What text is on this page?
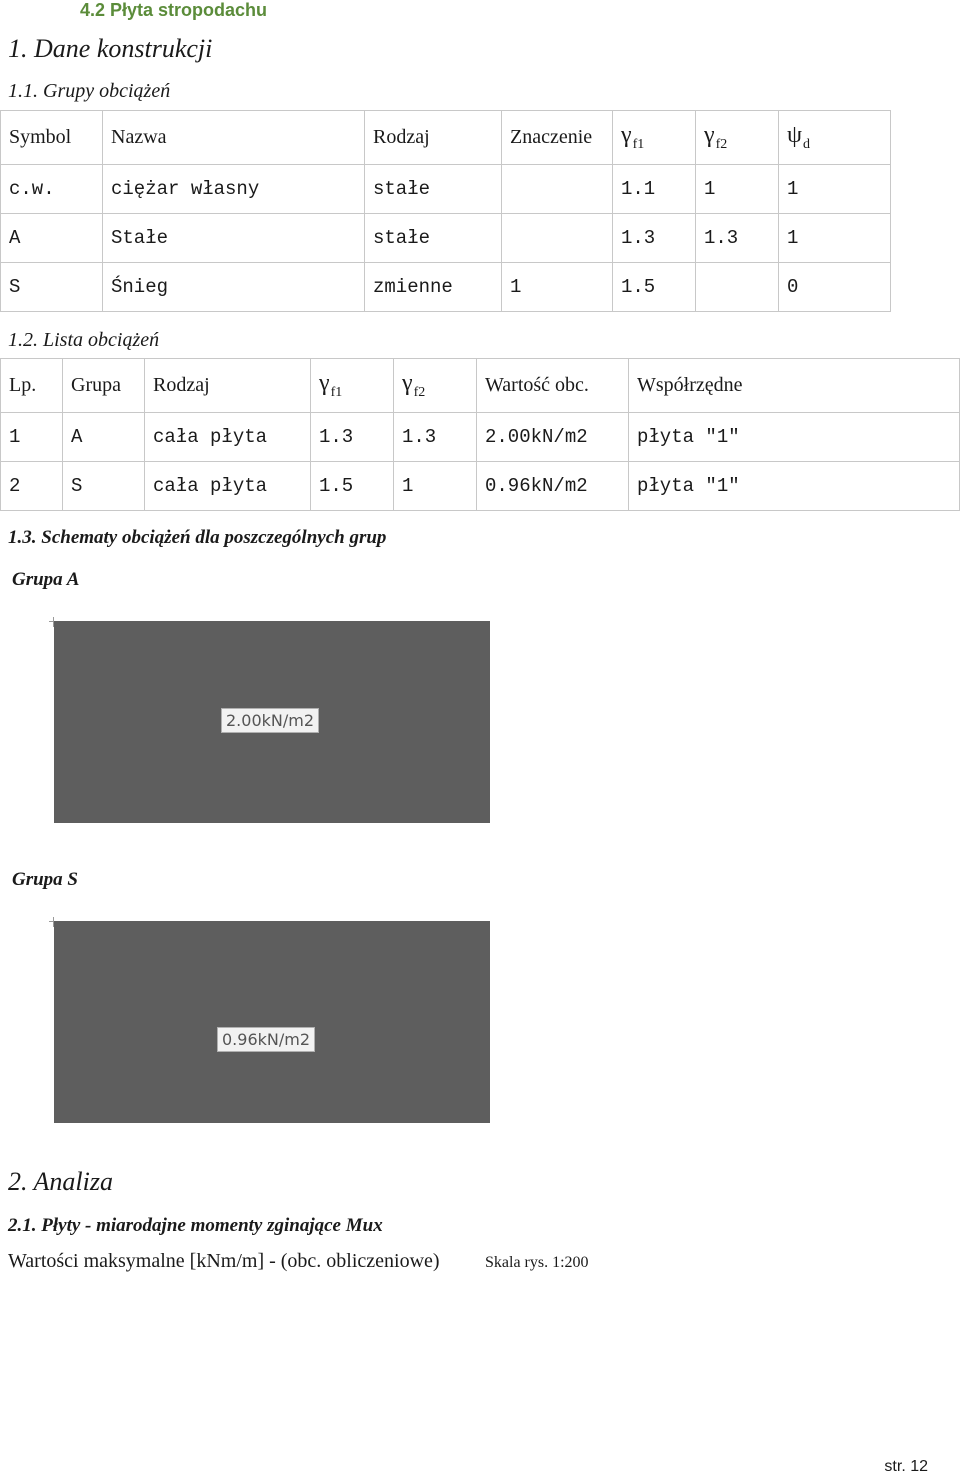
4.2 Płyta stropodachu
1. Dane konstrukcji
1.1. Grupy obciążeń
Symbol	Nazwa	Rodzaj	Znaczenie	$\gamma_{f1}$	$\gamma_{f2}$	$\psi_d$
c.w.	ciężar własny	stałe		1.1	1	1
A	Stałe	stałe		1.3	1.3	1
S	Śnieg	zmienne	1	1.5		0
1.2. Lista obciążeń
Lp.	Grupa	Rodzaj	$\gamma_{f1}$	$\gamma_{f2}$	Wartość obc.	Współrzędne
1	A	cała płyta	1.3	1.3	2.00kN/m2	płyta "1"
2	S	cała płyta	1.5	1	0.96kN/m2	płyta "1"
1.3. Schematy obciążeń dla poszczególnych grup
Grupa A
2.00kN/m2
Grupa S
0.96kN/m2
2. Analiza
2.1. Płyty - miarodajne momenty zginające Mux
Wartości maksymalne [kNm/m] - (obc. obliczeniowe)	Skala rys. 1:200
str. 12
